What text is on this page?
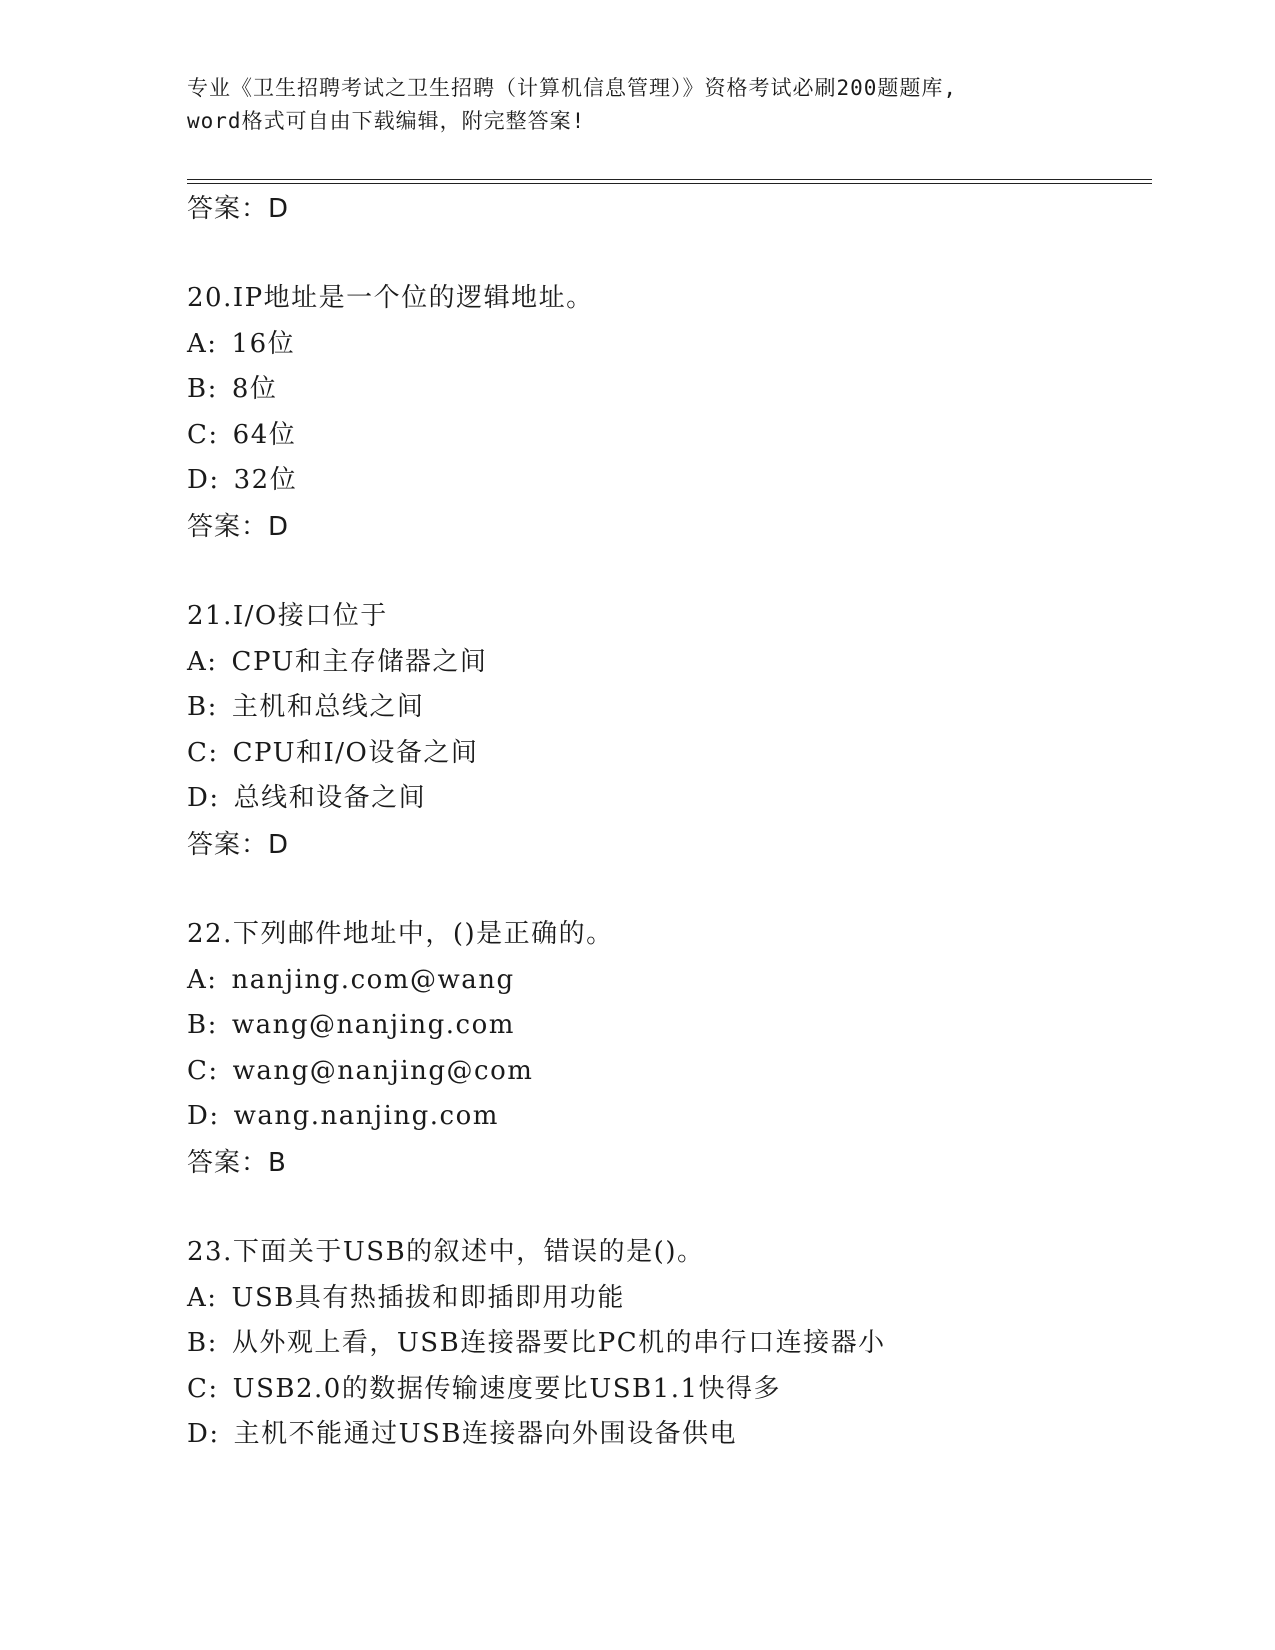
专业《卫生招聘考试之卫生招聘（计算机信息管理）》资格考试必刷200题题库,
word格式可自由下载编辑，附完整答案!
答案：D
20.IP地址是一个位的逻辑地址。
A: 16位
B: 8位
C: 64位
D: 32位
答案：D
21.I/O接口位于
A: CPU和主存储器之间
B: 主机和总线之间
C: CPU和I/O设备之间
D: 总线和设备之间
答案：D
22.下列邮件地址中，()是正确的。
A: nanjing.com@wang
B: wang@nanjing.com
C: wang@nanjing@com
D: wang.nanjing.com
答案：B
23.下面关于USB的叙述中，错误的是()。
A: USB具有热插拔和即插即用功能
B: 从外观上看，USB连接器要比PC机的串行口连接器小
C: USB2.0的数据传输速度要比USB1.1快得多
D: 主机不能通过USB连接器向外围设备供电
